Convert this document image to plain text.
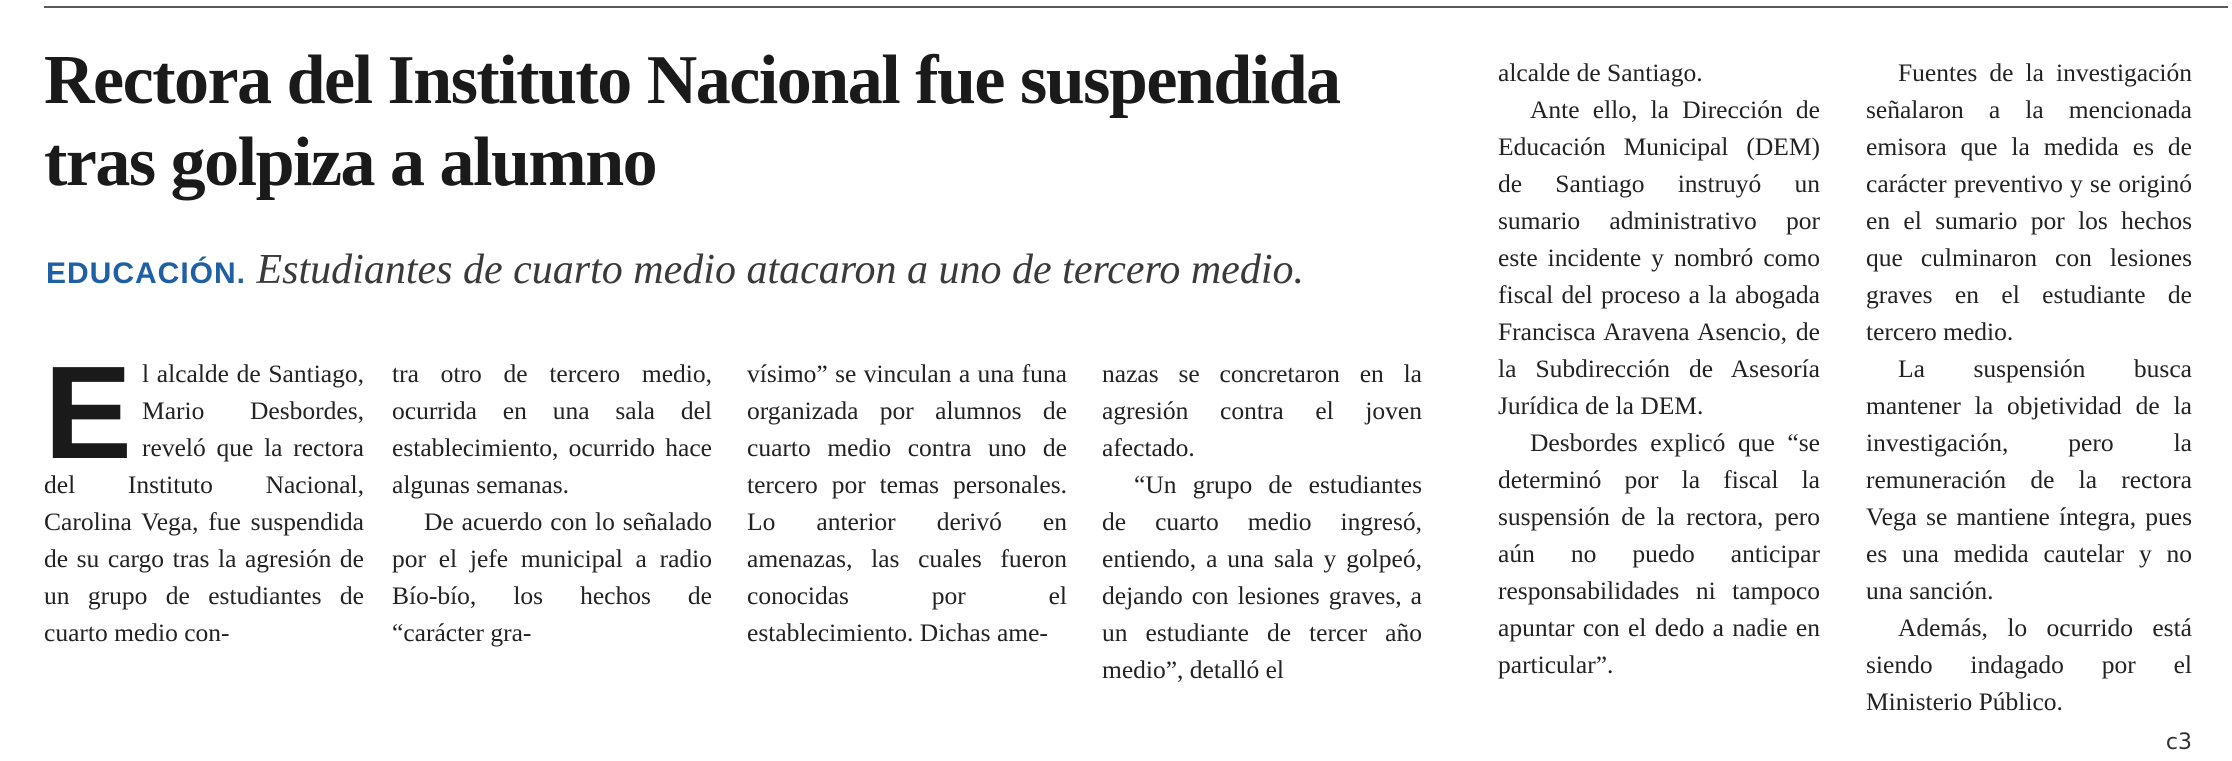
Rectora del Instituto Nacional fue suspendida tras golpiza a alumno

EDUCACIÓN. Estudiantes de cuarto medio atacaron a uno de tercero medio.

E l alcalde de Santiago, Mario Desbordes, reveló que la rectora del Instituto Nacional, Carolina Vega, fue suspendida de su cargo tras la agresión de un grupo de estudiantes de cuarto medio con-

tra otro de tercero medio, ocurrida en una sala del establecimiento, ocurrido hace algunas semanas.

De acuerdo con lo señalado por el jefe municipal a radio Bío-bío, los hechos de “carácter gra-

vísimo” se vinculan a una funa organizada por alumnos de cuarto medio contra uno de tercero por temas personales. Lo anterior derivó en amenazas, las cuales fueron conocidas por el establecimiento. Dichas ame-

nazas se concretaron en la agresión contra el joven afectado.

“Un grupo de estudiantes de cuarto medio ingresó, entiendo, a una sala y golpeó, dejando con lesiones graves, a un estudiante de tercer año medio”, detalló el

alcalde de Santiago.

Ante ello, la Dirección de Educación Municipal (DEM) de Santiago instruyó un sumario administrativo por este incidente y nombró como fiscal del proceso a la abogada Francisca Aravena Asencio, de la Subdirección de Asesoría Jurídica de la DEM.

Desbordes explicó que “se determinó por la fiscal la suspensión de la rectora, pero aún no puedo anticipar responsabilidades ni tampoco apuntar con el dedo a nadie en particular”.

Fuentes de la investigación señalaron a la mencionada emisora que la medida es de carácter preventivo y se originó en el sumario por los hechos que culminaron con lesiones graves en el estudiante de tercero medio.

La suspensión busca mantener la objetividad de la investigación, pero la remuneración de la rectora Vega se mantiene íntegra, pues es una medida cautelar y no una sanción.

Además, lo ocurrido está siendo indagado por el Ministerio Público.

c3
